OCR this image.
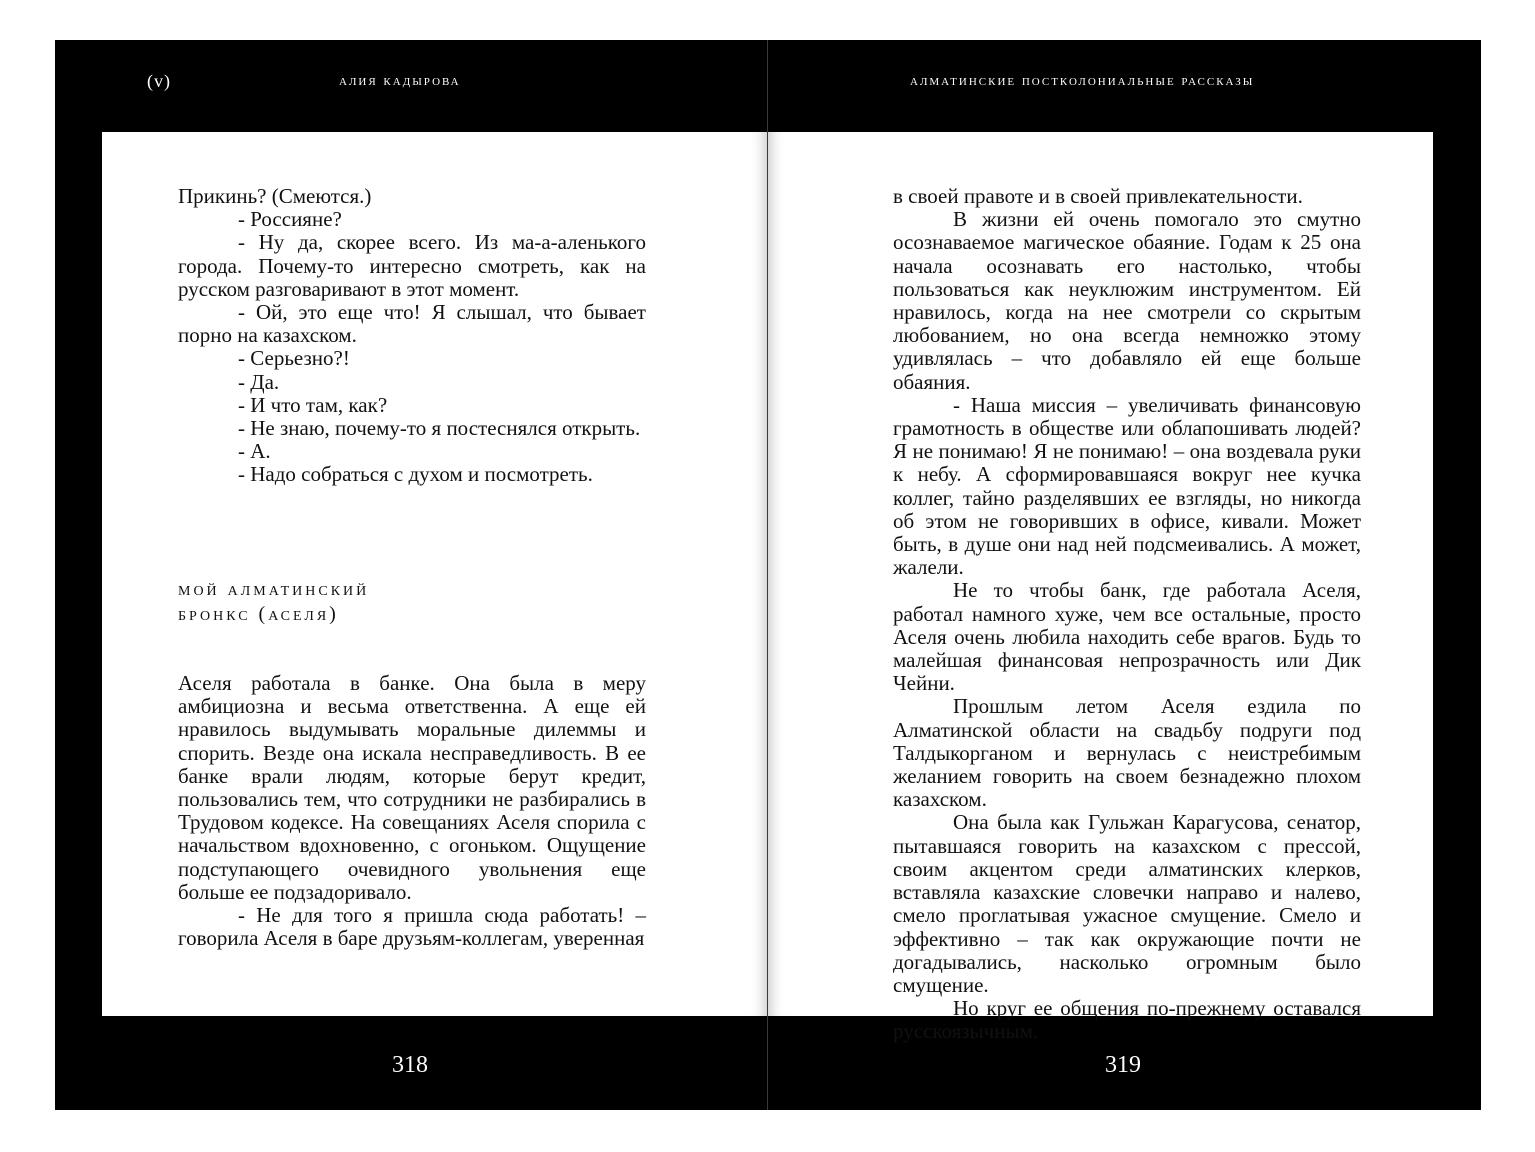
(v)	алия кадырова

Прикинь? (Смеются.)

- Россияне?

- Ну да, скорее всего. Из ма-а-аленького города. Почему-то интересно смотреть, как на русском разговаривают в этот момент.

- Ой, это еще что! Я слышал, что бывает порно на казахском.

- Серьезно?!

- Да.

- И что там, как?

- Не знаю, почему-то я постеснялся открыть.

- А.

- Надо собраться с духом и посмотреть.

мой алматинский

бронкс (аселя)

Аселя работала в банке. Она была в меру амбициозна и весьма ответственна. А еще ей нравилось выдумывать моральные дилеммы и спорить. Везде она искала несправедливость. В ее банке врали людям, которые берут кредит, пользовались тем, что сотрудники не разбирались в Трудовом кодексе. На совещаниях Аселя спорила с начальством вдохновенно, с огоньком. Ощущение подступающего очевидного увольнения еще больше ее подзадоривало.

- Не для того я пришла сюда работать! – говорила Аселя в баре друзьям-коллегам, уверенная

318
алматинские постколониальные рассказы

в своей правоте и в своей привлекательности.

В жизни ей очень помогало это смутно осознаваемое магическое обаяние. Годам к 25 она начала осознавать его настолько, чтобы пользоваться как неуклюжим инструментом. Ей нравилось, когда на нее смотрели со скрытым любованием, но она всегда немножко этому удивлялась – что добавляло ей еще больше обаяния.

- Наша миссия – увеличивать финансовую грамотность в обществе или облапошивать людей? Я не понимаю! Я не понимаю! – она воздевала руки к небу. А сформировавшаяся вокруг нее кучка коллег, тайно разделявших ее взгляды, но никогда об этом не говоривших в офисе, кивали. Может быть, в душе они над ней подсмеивались. А может, жалели.

Не то чтобы банк, где работала Аселя, работал намного хуже, чем все остальные, просто Аселя очень любила находить себе врагов. Будь то малейшая финансовая непрозрачность или Дик Чейни.

Прошлым летом Аселя ездила по Алматинской области на свадьбу подруги под Талдыкорганом и вернулась с неистребимым желанием говорить на своем безнадежно плохом казахском.

Она была как Гульжан Карагусова, сенатор, пытавшаяся говорить на казахском с прессой, своим акцентом среди алматинских клерков, вставляла казахские словечки направо и налево, смело проглатывая ужасное смущение. Смело и эффективно – так как окружающие почти не догадывались, насколько огромным было смущение.

Но круг ее общения по-прежнему оставался русскоязычным.

319
